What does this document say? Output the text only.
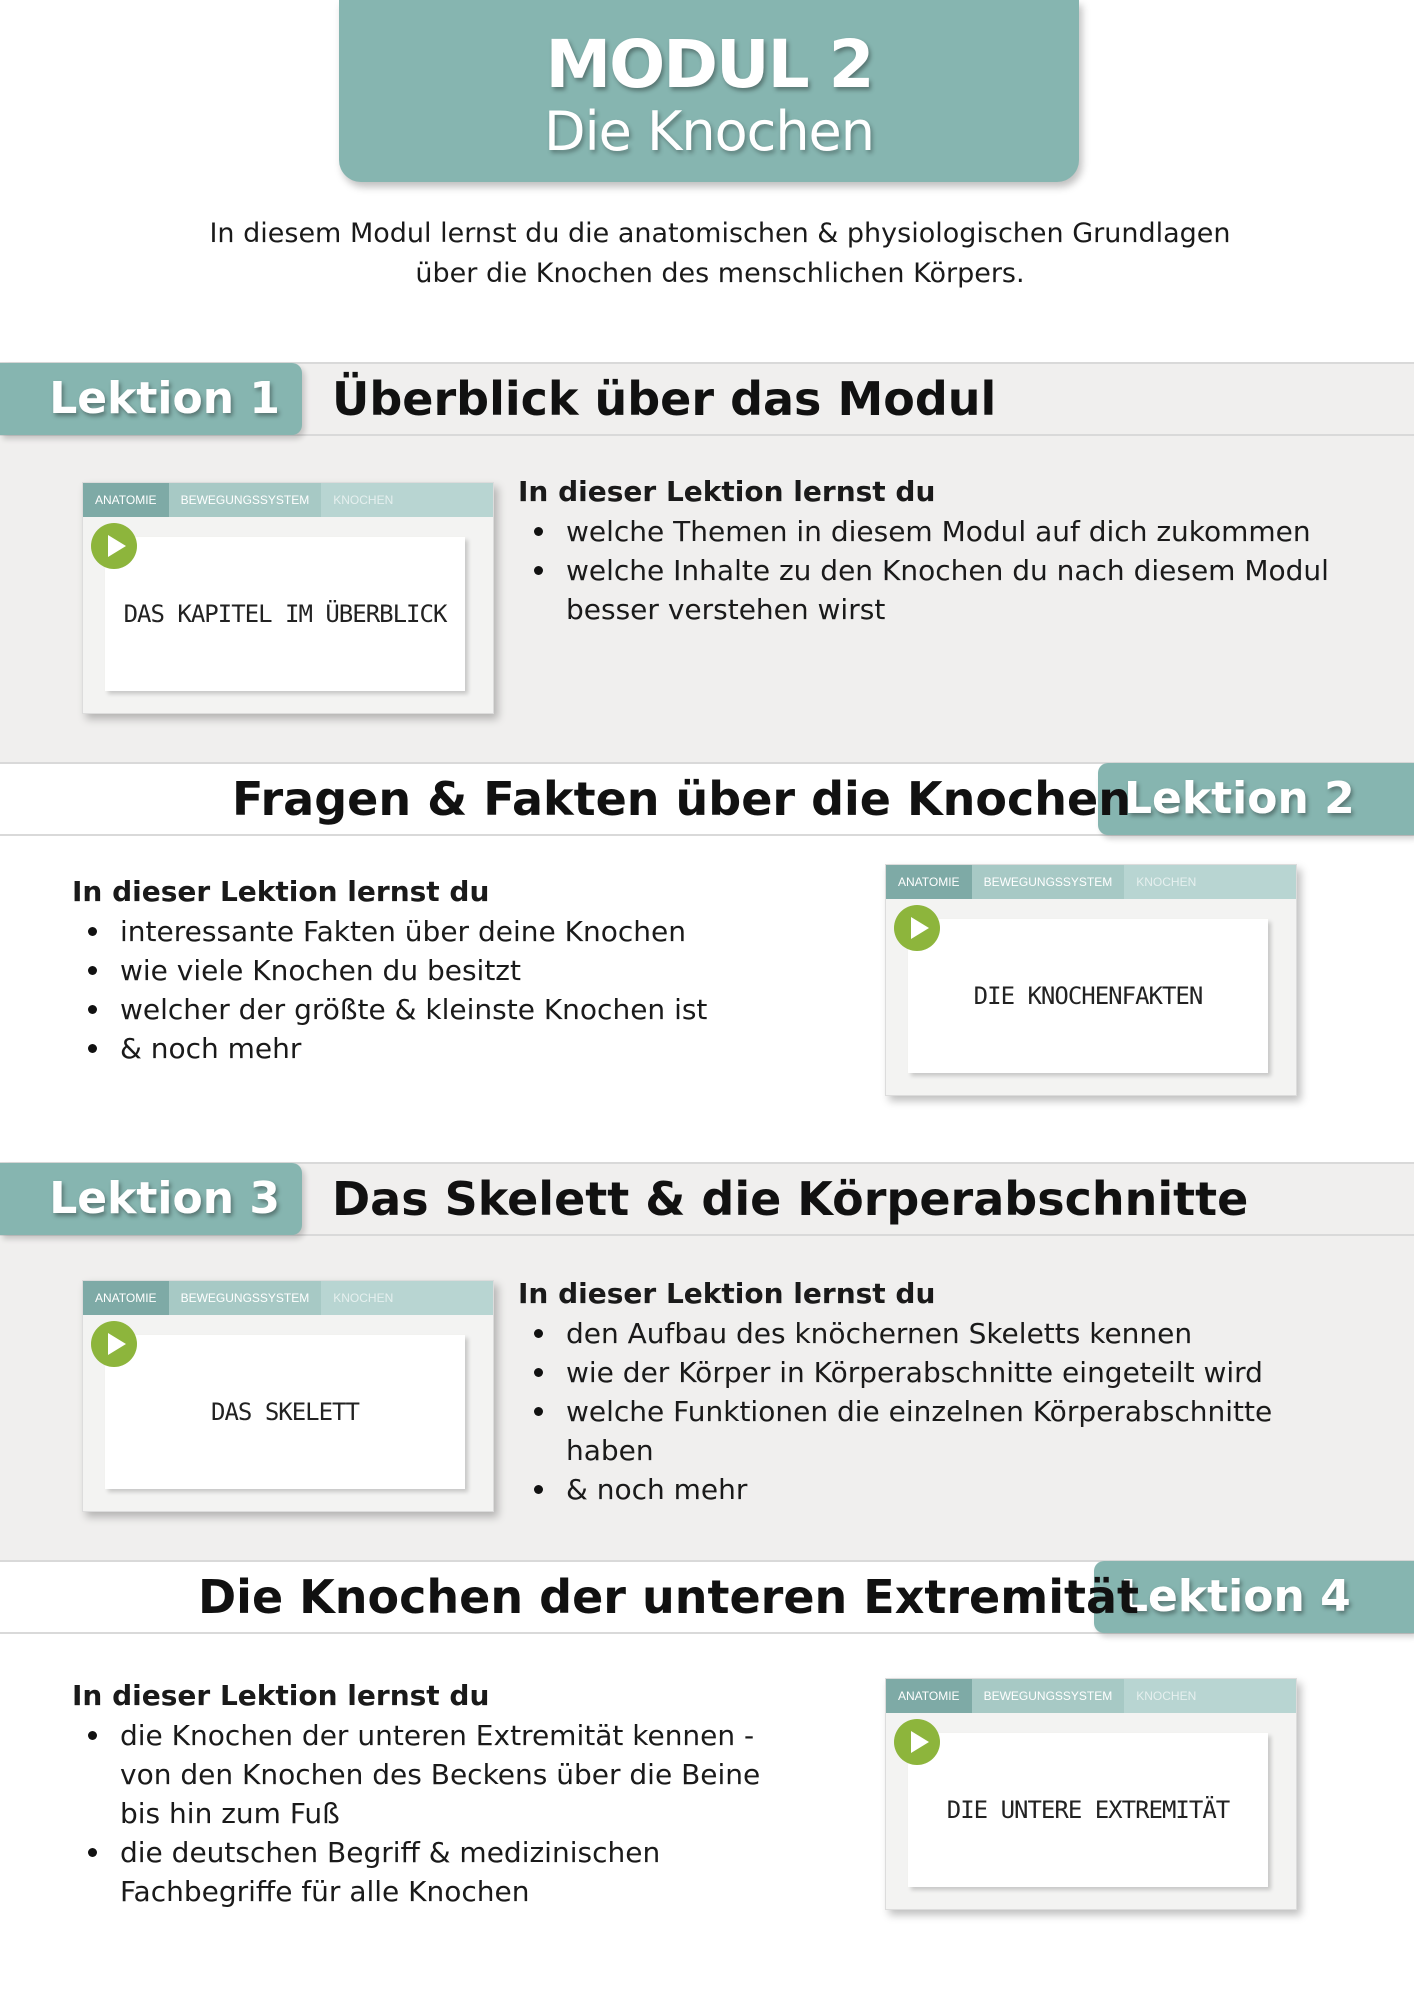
MODUL 2
Die Knochen
In diesem Modul lernst du die anatomischen & physiologischen Grundlagen
über die Knochen des menschlichen Körpers.
Lektion 1	Überblick über das Modul
ANATOMIE	BEWEGUNGSSYSTEM	KNOCHEN
DAS KAPITEL IM ÜBERBLICK
In dieser Lektion lernst du
welche Themen in diesem Modul auf dich zukommen
welche Inhalte zu den Knochen du nach diesem Modul besser verstehen wirst
Lektion 2
Fragen & Fakten über die Knochen
In dieser Lektion lernst du
interessante Fakten über deine Knochen
wie viele Knochen du besitzt
welcher der größte & kleinste Knochen ist
& noch mehr
ANATOMIE	BEWEGUNGSSYSTEM	KNOCHEN
DIE KNOCHENFAKTEN
Lektion 3	Das Skelett & die Körperabschnitte
ANATOMIE	BEWEGUNGSSYSTEM	KNOCHEN
DAS SKELETT
In dieser Lektion lernst du
den Aufbau des knöchernen Skeletts kennen
wie der Körper in Körperabschnitte eingeteilt wird
welche Funktionen die einzelnen Körperabschnitte haben
& noch mehr
Lektion 4
Die Knochen der unteren Extremität
In dieser Lektion lernst du
die Knochen der unteren Extremität kennen - von den Knochen des Beckens über die Beine bis hin zum Fuß
die deutschen Begriff & medizinischen Fachbegriffe für alle Knochen
ANATOMIE	BEWEGUNGSSYSTEM	KNOCHEN
DIE UNTERE EXTREMITÄT
